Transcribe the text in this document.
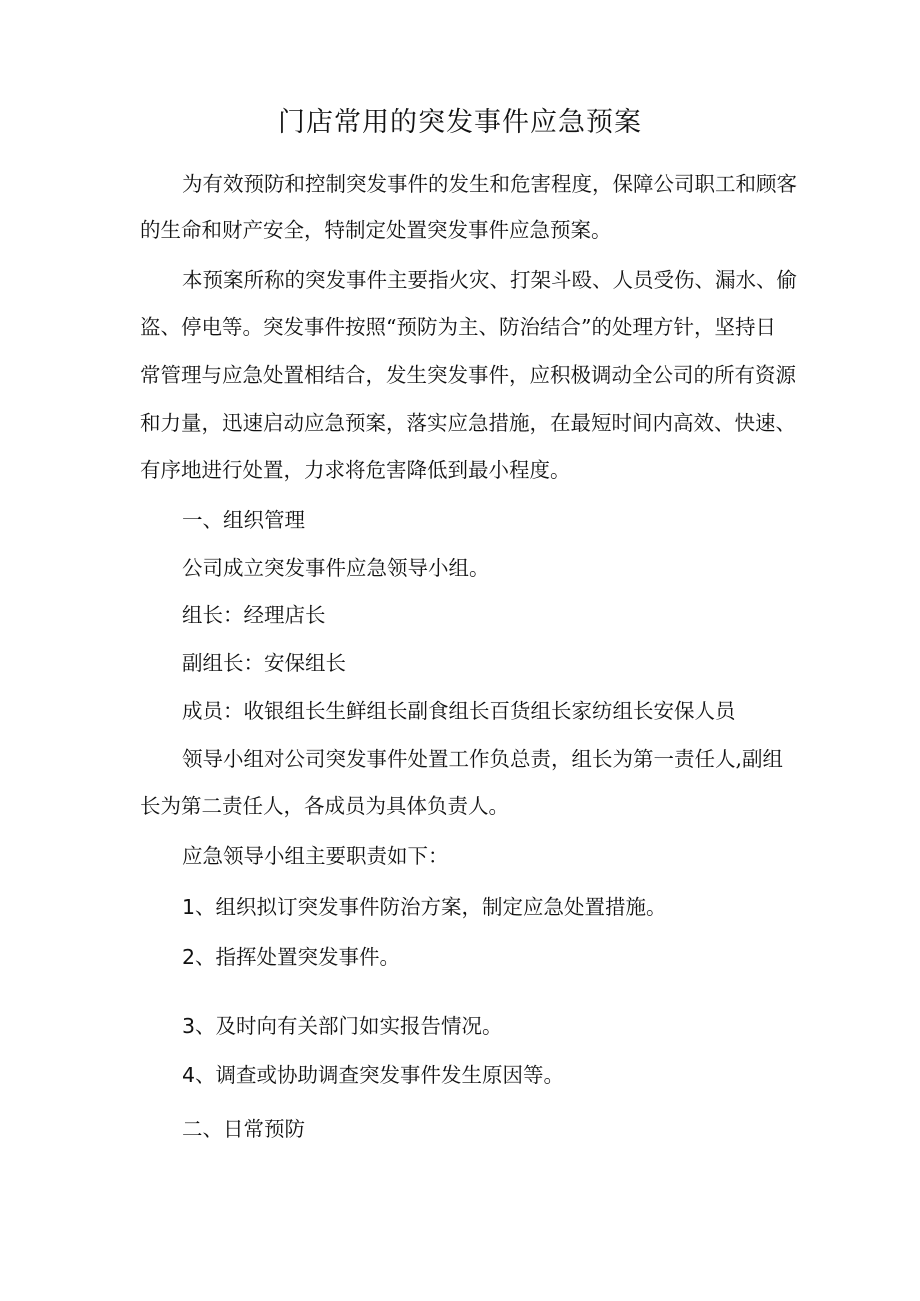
门店常用的突发事件应急预案
为有效预防和控制突发事件的发生和危害程度，保障公司职工和顾客
的生命和财产安全，特制定处置突发事件应急预案。
本预案所称的突发事件主要指火灾、打架斗殴、人员受伤、漏水、偷
盗、停电等。突发事件按照“预防为主、防治结合”的处理方针，坚持日
常管理与应急处置相结合，发生突发事件，应积极调动全公司的所有资源
和力量，迅速启动应急预案，落实应急措施，在最短时间内高效、快速、
有序地进行处置，力求将危害降低到最小程度。
一、组织管理
公司成立突发事件应急领导小组。
组长：经理店长
副组长：安保组长
成员：收银组长生鲜组长副食组长百货组长家纺组长安保人员
领导小组对公司突发事件处置工作负总责，组长为第一责任人,副组
长为第二责任人，各成员为具体负责人。
应急领导小组主要职责如下：
1、组织拟订突发事件防治方案，制定应急处置措施。
2、指挥处置突发事件。
3、及时向有关部门如实报告情况。
4、调查或协助调查突发事件发生原因等。
二、日常预防
